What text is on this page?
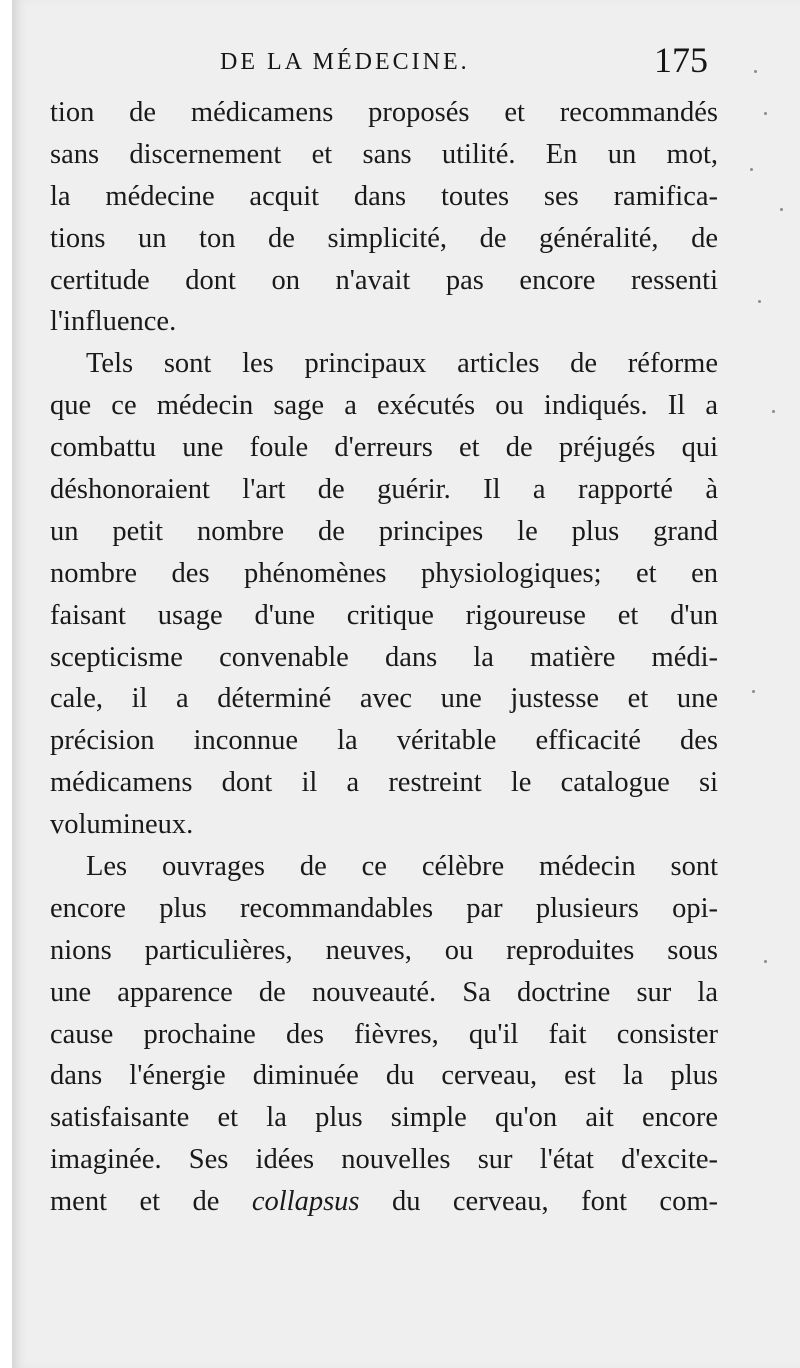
DE LA MÉDECINE.	175
tion de médicamens proposés et recommandés
sans discernement et sans utilité. En un mot,
la médecine acquit dans toutes ses ramifica-
tions un ton de simplicité, de généralité, de
certitude dont on n'avait pas encore ressenti
l'influence.
Tels sont les principaux articles de réforme
que ce médecin sage a exécutés ou indiqués. Il a
combattu une foule d'erreurs et de préjugés qui
déshonoraient l'art de guérir. Il a rapporté à
un petit nombre de principes le plus grand
nombre des phénomènes physiologiques; et en
faisant usage d'une critique rigoureuse et d'un
scepticisme convenable dans la matière médi-
cale, il a déterminé avec une justesse et une
précision inconnue la véritable efficacité des
médicamens dont il a restreint le catalogue si
volumineux.
Les ouvrages de ce célèbre médecin sont
encore plus recommandables par plusieurs opi-
nions particulières, neuves, ou reproduites sous
une apparence de nouveauté. Sa doctrine sur la
cause prochaine des fièvres, qu'il fait consister
dans l'énergie diminuée du cerveau, est la plus
satisfaisante et la plus simple qu'on ait encore
imaginée. Ses idées nouvelles sur l'état d'excite-
ment et de collapsus du cerveau, font com-
